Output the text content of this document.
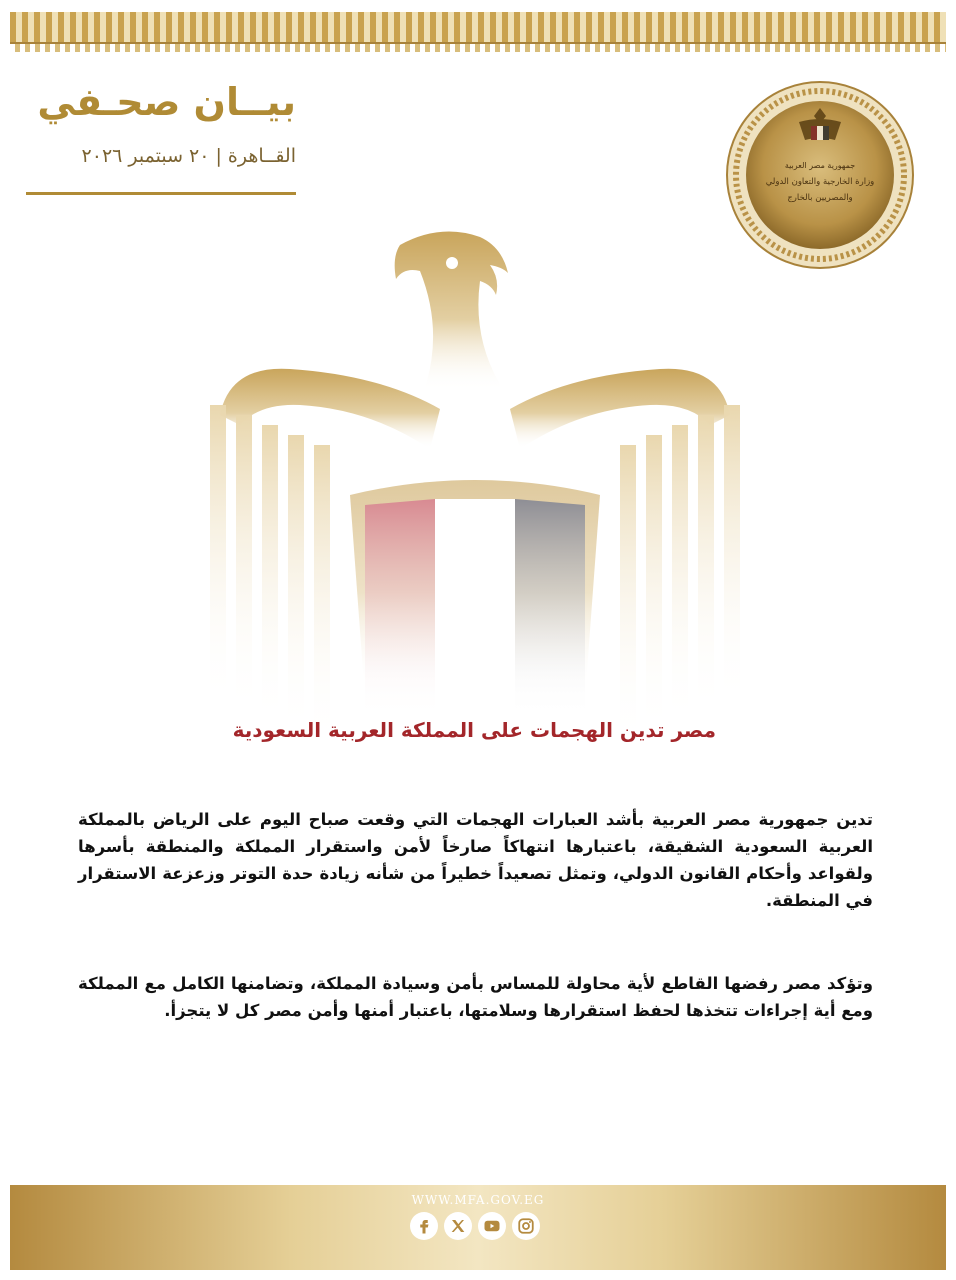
بيــان صحـفي
القــاهرة | ٢٠ سبتمبر ٢٠٢٦	جمهورية مصر العربية
وزارة الخارجية والتعاون الدولي
والمصريين بالخارج
مصر تدين الهجمات على المملكة العربية السعودية
تدين جمهورية مصر العربية بأشد العبارات الهجمات التي وقعت صباح اليوم على الرياض بالمملكة العربية السعودية الشقيقة، باعتبارها انتهاكاً صارخاً لأمن واستقرار المملكة والمنطقة بأسرها ولقواعد وأحكام القانون الدولي، وتمثل تصعيداً خطيراً من شأنه زيادة حدة التوتر وزعزعة الاستقرار في المنطقة.
وتؤكد مصر رفضها القاطع لأية محاولة للمساس بأمن وسيادة المملكة، وتضامنها الكامل مع المملكة ومع أية إجراءات تتخذها لحفظ استقرارها وسلامتها، باعتبار أمنها وأمن مصر كل لا يتجزأ.
WWW.MFA.GOV.EG
